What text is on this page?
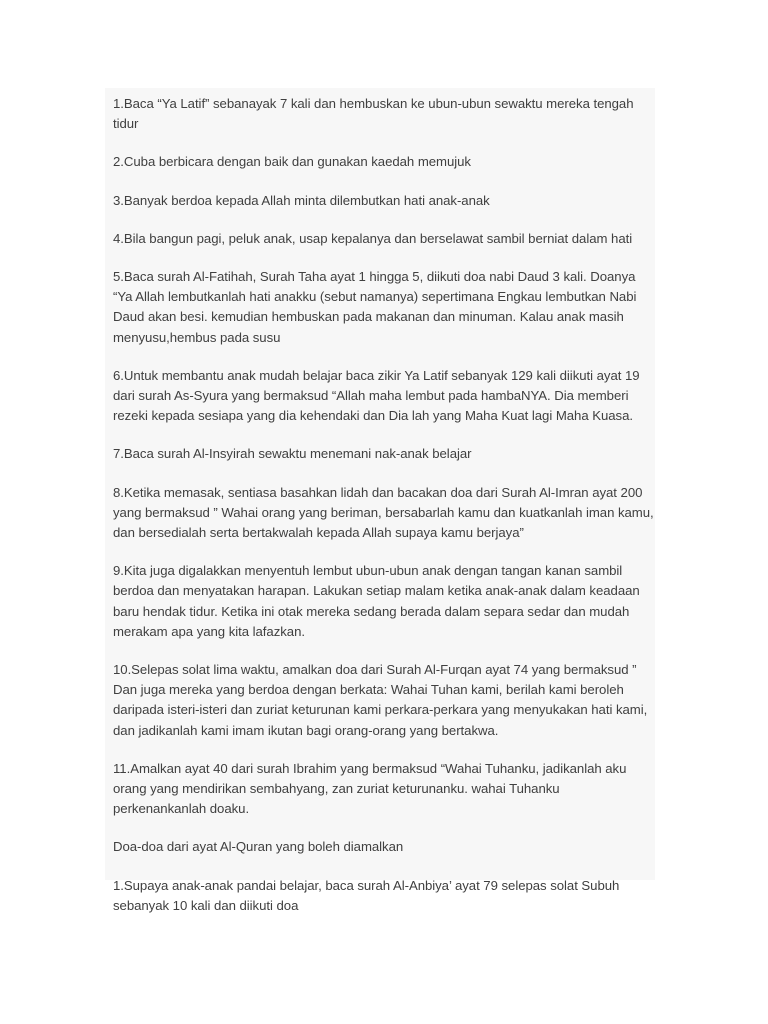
1.Baca “Ya Latif” sebanayak 7 kali dan hembuskan ke ubun-ubun sewaktu mereka tengah tidur

2.Cuba berbicara dengan baik dan gunakan kaedah memujuk

3.Banyak berdoa kepada Allah minta dilembutkan hati anak-anak

4.Bila bangun pagi, peluk anak, usap kepalanya dan berselawat sambil berniat dalam hati

5.Baca surah Al-Fatihah, Surah Taha ayat 1 hingga 5, diikuti doa nabi Daud 3 kali. Doanya “Ya Allah lembutkanlah hati anakku (sebut namanya) sepertimana Engkau lembutkan Nabi Daud akan besi. kemudian hembuskan pada makanan dan minuman. Kalau anak masih menyusu,hembus pada susu

6.Untuk membantu anak mudah belajar baca zikir Ya Latif sebanyak 129 kali diikuti ayat 19 dari surah As-Syura yang bermaksud “Allah maha lembut pada hambaNYA. Dia memberi rezeki kepada sesiapa yang dia kehendaki dan Dia lah yang Maha Kuat lagi Maha Kuasa.

7.Baca surah Al-Insyirah sewaktu menemani nak-anak belajar

8.Ketika memasak, sentiasa basahkan lidah dan bacakan doa dari Surah Al-Imran ayat 200 yang bermaksud ” Wahai orang yang beriman, bersabarlah kamu dan kuatkanlah iman kamu, dan bersedialah serta bertakwalah kepada Allah supaya kamu berjaya”

9.Kita juga digalakkan menyentuh lembut ubun-ubun anak dengan tangan kanan sambil berdoa dan menyatakan harapan. Lakukan setiap malam ketika anak-anak dalam keadaan baru hendak tidur. Ketika ini otak mereka sedang berada dalam separa sedar dan mudah merakam apa yang kita lafazkan.

10.Selepas solat lima waktu, amalkan doa dari Surah Al-Furqan ayat 74 yang bermaksud ” Dan juga mereka yang berdoa dengan berkata: Wahai Tuhan kami, berilah kami beroleh daripada isteri-isteri dan zuriat keturunan kami perkara-perkara yang menyukakan hati kami, dan jadikanlah kami imam ikutan bagi orang-orang yang bertakwa.

11.Amalkan ayat 40 dari surah Ibrahim yang bermaksud “Wahai Tuhanku, jadikanlah aku orang yang mendirikan sembahyang, zan zuriat keturunanku. wahai Tuhanku perkenankanlah doaku.

Doa-doa dari ayat Al-Quran yang boleh diamalkan

1.Supaya anak-anak pandai belajar, baca surah Al-Anbiya’ ayat 79 selepas solat Subuh sebanyak 10 kali dan diikuti doa
